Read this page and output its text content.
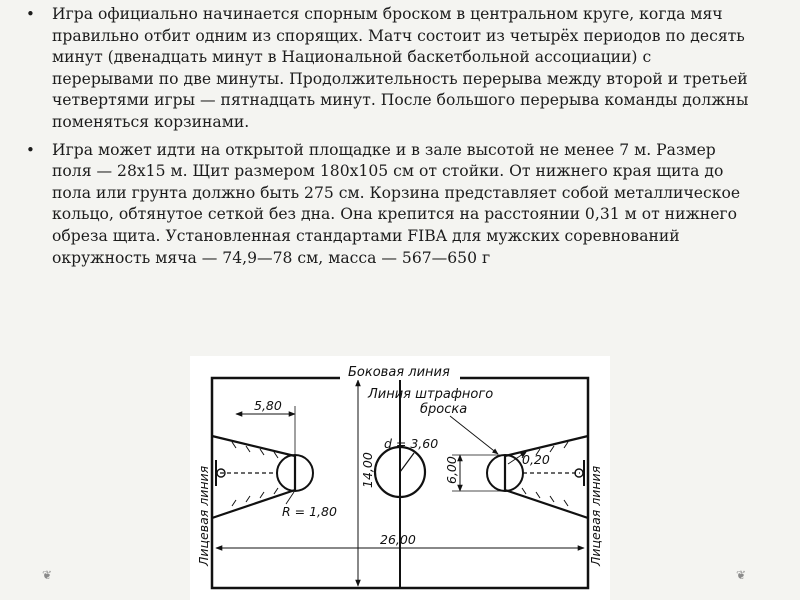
• Игра официально начинается спорным броском в центральном круге, когда мяч правильно отбит одним из спорящих. Матч состоит из четырёх периодов по десять минут (двенадцать минут в Национальной баскетбольной ассоциации) с перерывами по две минуты. Продолжительность перерыва между второй и третьей четвертями игры — пятнадцать минут. После большого перерыва команды должны поменяться корзинами.
• Игра может идти на открытой площадке и в зале высотой не менее 7 м. Размер поля — 28x15 м. Щит размером 180x105 см от стойки. От нижнего края щита до пола или грунта должно быть 275 см. Корзина представляет собой металлическое кольцо, обтянутое сеткой без дна. Она крепится на расстоянии 0,31 м от нижнего обреза щита. Установленная стандартами FIBA для мужских соревнований окружность мяча — 74,9—78 см, масса — 567—650 г
5,80
14,00
d = 3,60
6,00	0,20
R = 1,80
26,00
Боковая линия
Линия штрафного
броска
Лицевая линия	Лицевая линия
❦	❦
